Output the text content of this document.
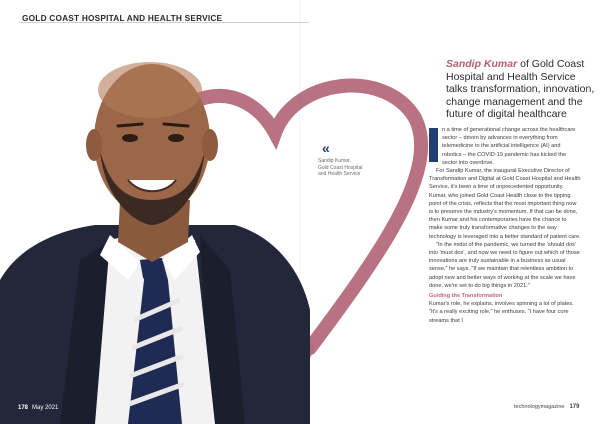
GOLD COAST HOSPITAL AND HEALTH SERVICE
Sandip Kumar of Gold Coast Hospital and Health Service talks transformation, innovation, change management and the future of digital healthcare
«
Sandip Kumar,
Gold Coast Hospital
and Health Service

n a time of generational change across the healthcare sector – driven by advances in everything from telemedicine to the artificial intelligence (AI) and robotics – the COVID-19 pandemic has kicked the sector into overdrive.

For Sandip Kumar, the inaugural Executive Director of Transformation and Digital at Gold Coast Hospital and Health Service, it's been a time of unprecedented opportunity. Kumar, who joined Gold Coast Health close to the tipping point of the crisis, reflects that the most important thing now is to preserve the industry's momentum. If that can be done, then Kumar and his contemporaries have the chance to make some truly transformative changes to the way technology is leveraged into a better standard of patient care.

"In the midst of the pandemic, we turned the 'should dos' into 'must dos', and now we need to figure out which of those innovations are truly sustainable in a business as usual sense," he says. "If we maintain that relentless ambition to adopt new and better ways of working at the scale we have done, we're set to do big things in 2021."

Guiding the Transformation

Kumar's role, he explains, involves spinning a lot of plates. "It's a really exciting role," he enthuses. "I have four core streams that I

178 May 2021	technologymagazine 179
